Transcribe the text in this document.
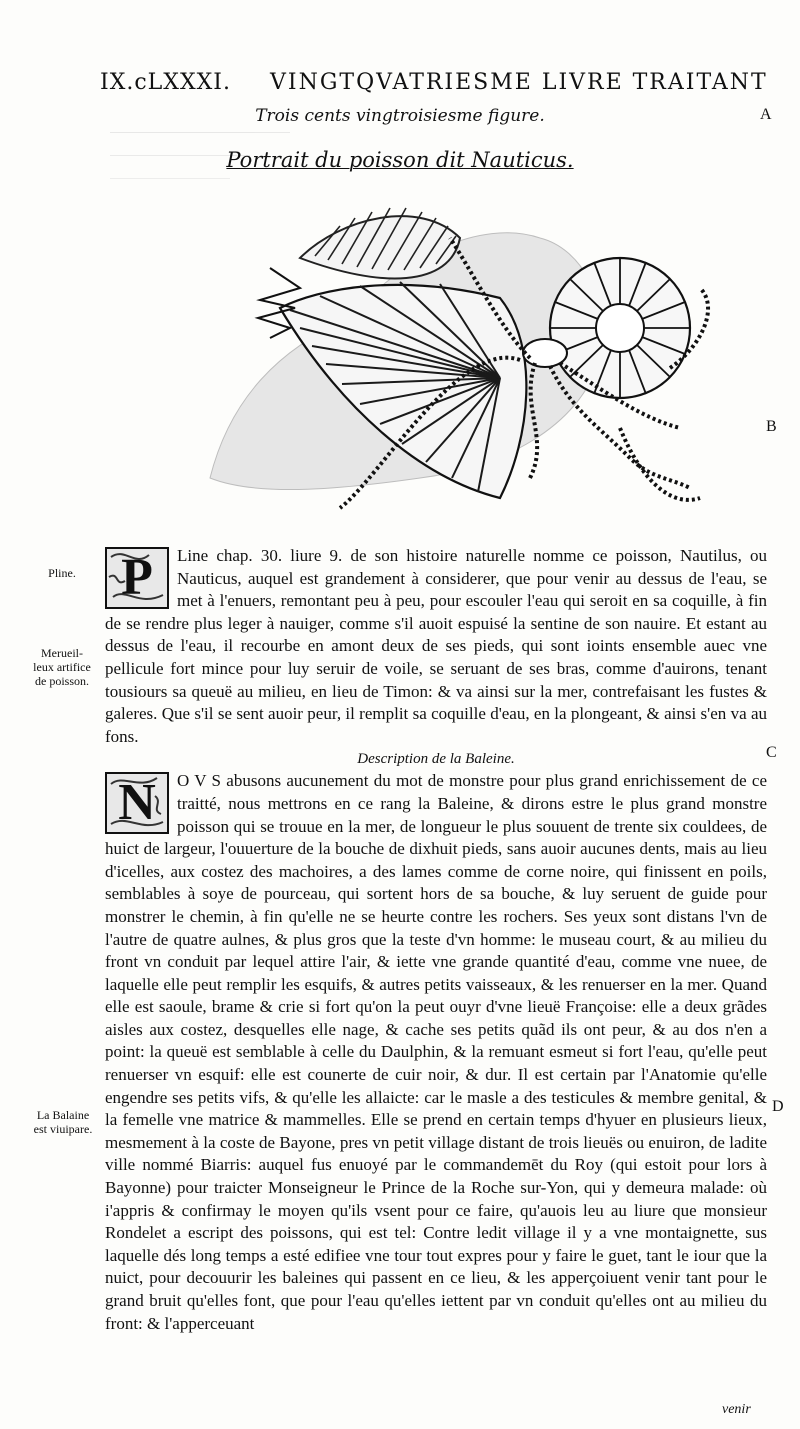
IX.cLXXXI. VINGTQVATRIESME LIVRE TRAITANT
Trois cents vingtroisiesme figure.
Portrait du poisson dit Nauticus.
A
B
C
D
Pline.
Merueil-
leux artifice
de poisson.
La Balaine
est viuipare.

P	Line chap. 30. liure 9. de son histoire naturelle nomme ce poisson, Nautilus, ou Nauticus, auquel est grandement à considerer, que pour venir au dessus de l'eau, se met à l'enuers, remontant peu à peu, pour escouler l'eau qui seroit en sa coquille, à fin de se rendre plus leger à nauiger, comme s'il auoit espuisé la sentine de son nauire. Et estant au dessus de l'eau, il recourbe en amont deux de ses pieds, qui sont ioints ensemble auec vne pellicule fort mince pour luy seruir de voile, se seruant de ses bras, comme d'auirons, tenant tousiours sa queuë au milieu, en lieu de Timon: & va ainsi sur la mer, contrefaisant les fustes & galeres. Que s'il se sent auoir peur, il remplit sa coquille d'eau, en la plongeant, & ainsi s'en va au fons.

Description de la Baleine.

N	O V S abusons aucunement du mot de monstre pour plus grand enrichissement de ce traitté, nous mettrons en ce rang la Baleine, & dirons estre le plus grand monstre poisson qui se trouue en la mer, de longueur le plus souuent de trente six couldees, de huict de largeur, l'ouuerture de la bouche de dixhuit pieds, sans auoir aucunes dents, mais au lieu d'icelles, aux costez des machoires, a des lames comme de corne noire, qui finissent en poils, semblables à soye de pourceau, qui sortent hors de sa bouche, & luy seruent de guide pour monstrer le chemin, à fin qu'elle ne se heurte contre les rochers. Ses yeux sont distans l'vn de l'autre de quatre aulnes, & plus gros que la teste d'vn homme: le museau court, & au milieu du front vn conduit par lequel attire l'air, & iette vne grande quantité d'eau, comme vne nuee, de laquelle elle peut remplir les esquifs, & autres petits vaisseaux, & les renuerser en la mer. Quand elle est saoule, brame & crie si fort qu'on la peut ouyr d'vne lieuë Françoise: elle a deux grãdes aisles aux costez, desquelles elle nage, & cache ses petits quãd ils ont peur, & au dos n'en a point: la queuë est semblable à celle du Daulphin, & la remuant esmeut si fort l'eau, qu'elle peut renuerser vn esquif: elle est counerte de cuir noir, & dur. Il est certain par l'Anatomie qu'elle engendre ses petits vifs, & qu'elle les allaicte: car le masle a des testicules & membre genital, & la femelle vne matrice & mammelles. Elle se prend en certain temps d'hyuer en plusieurs lieux, mesmement à la coste de Bayone, pres vn petit village distant de trois lieuës ou enuiron, de ladite ville nommé Biarris: auquel fus enuoyé par le commandemēt du Roy (qui estoit pour lors à Bayonne) pour traicter Monseigneur le Prince de la Roche sur-Yon, qui y demeura malade: où i'appris & confirmay le moyen qu'ils vsent pour ce faire, qu'auois leu au liure que monsieur Rondelet a escript des poissons, qui est tel: Contre ledit village il y a vne montaignette, sus laquelle dés long temps a esté edifiee vne tour tout expres pour y faire le guet, tant le iour que la nuict, pour decouurir les baleines qui passent en ce lieu, & les apperçoiuent venir tant pour le grand bruit qu'elles font, que pour l'eau qu'elles iettent par vn conduit qu'elles ont au milieu du front: & l'apperceuant

venir
